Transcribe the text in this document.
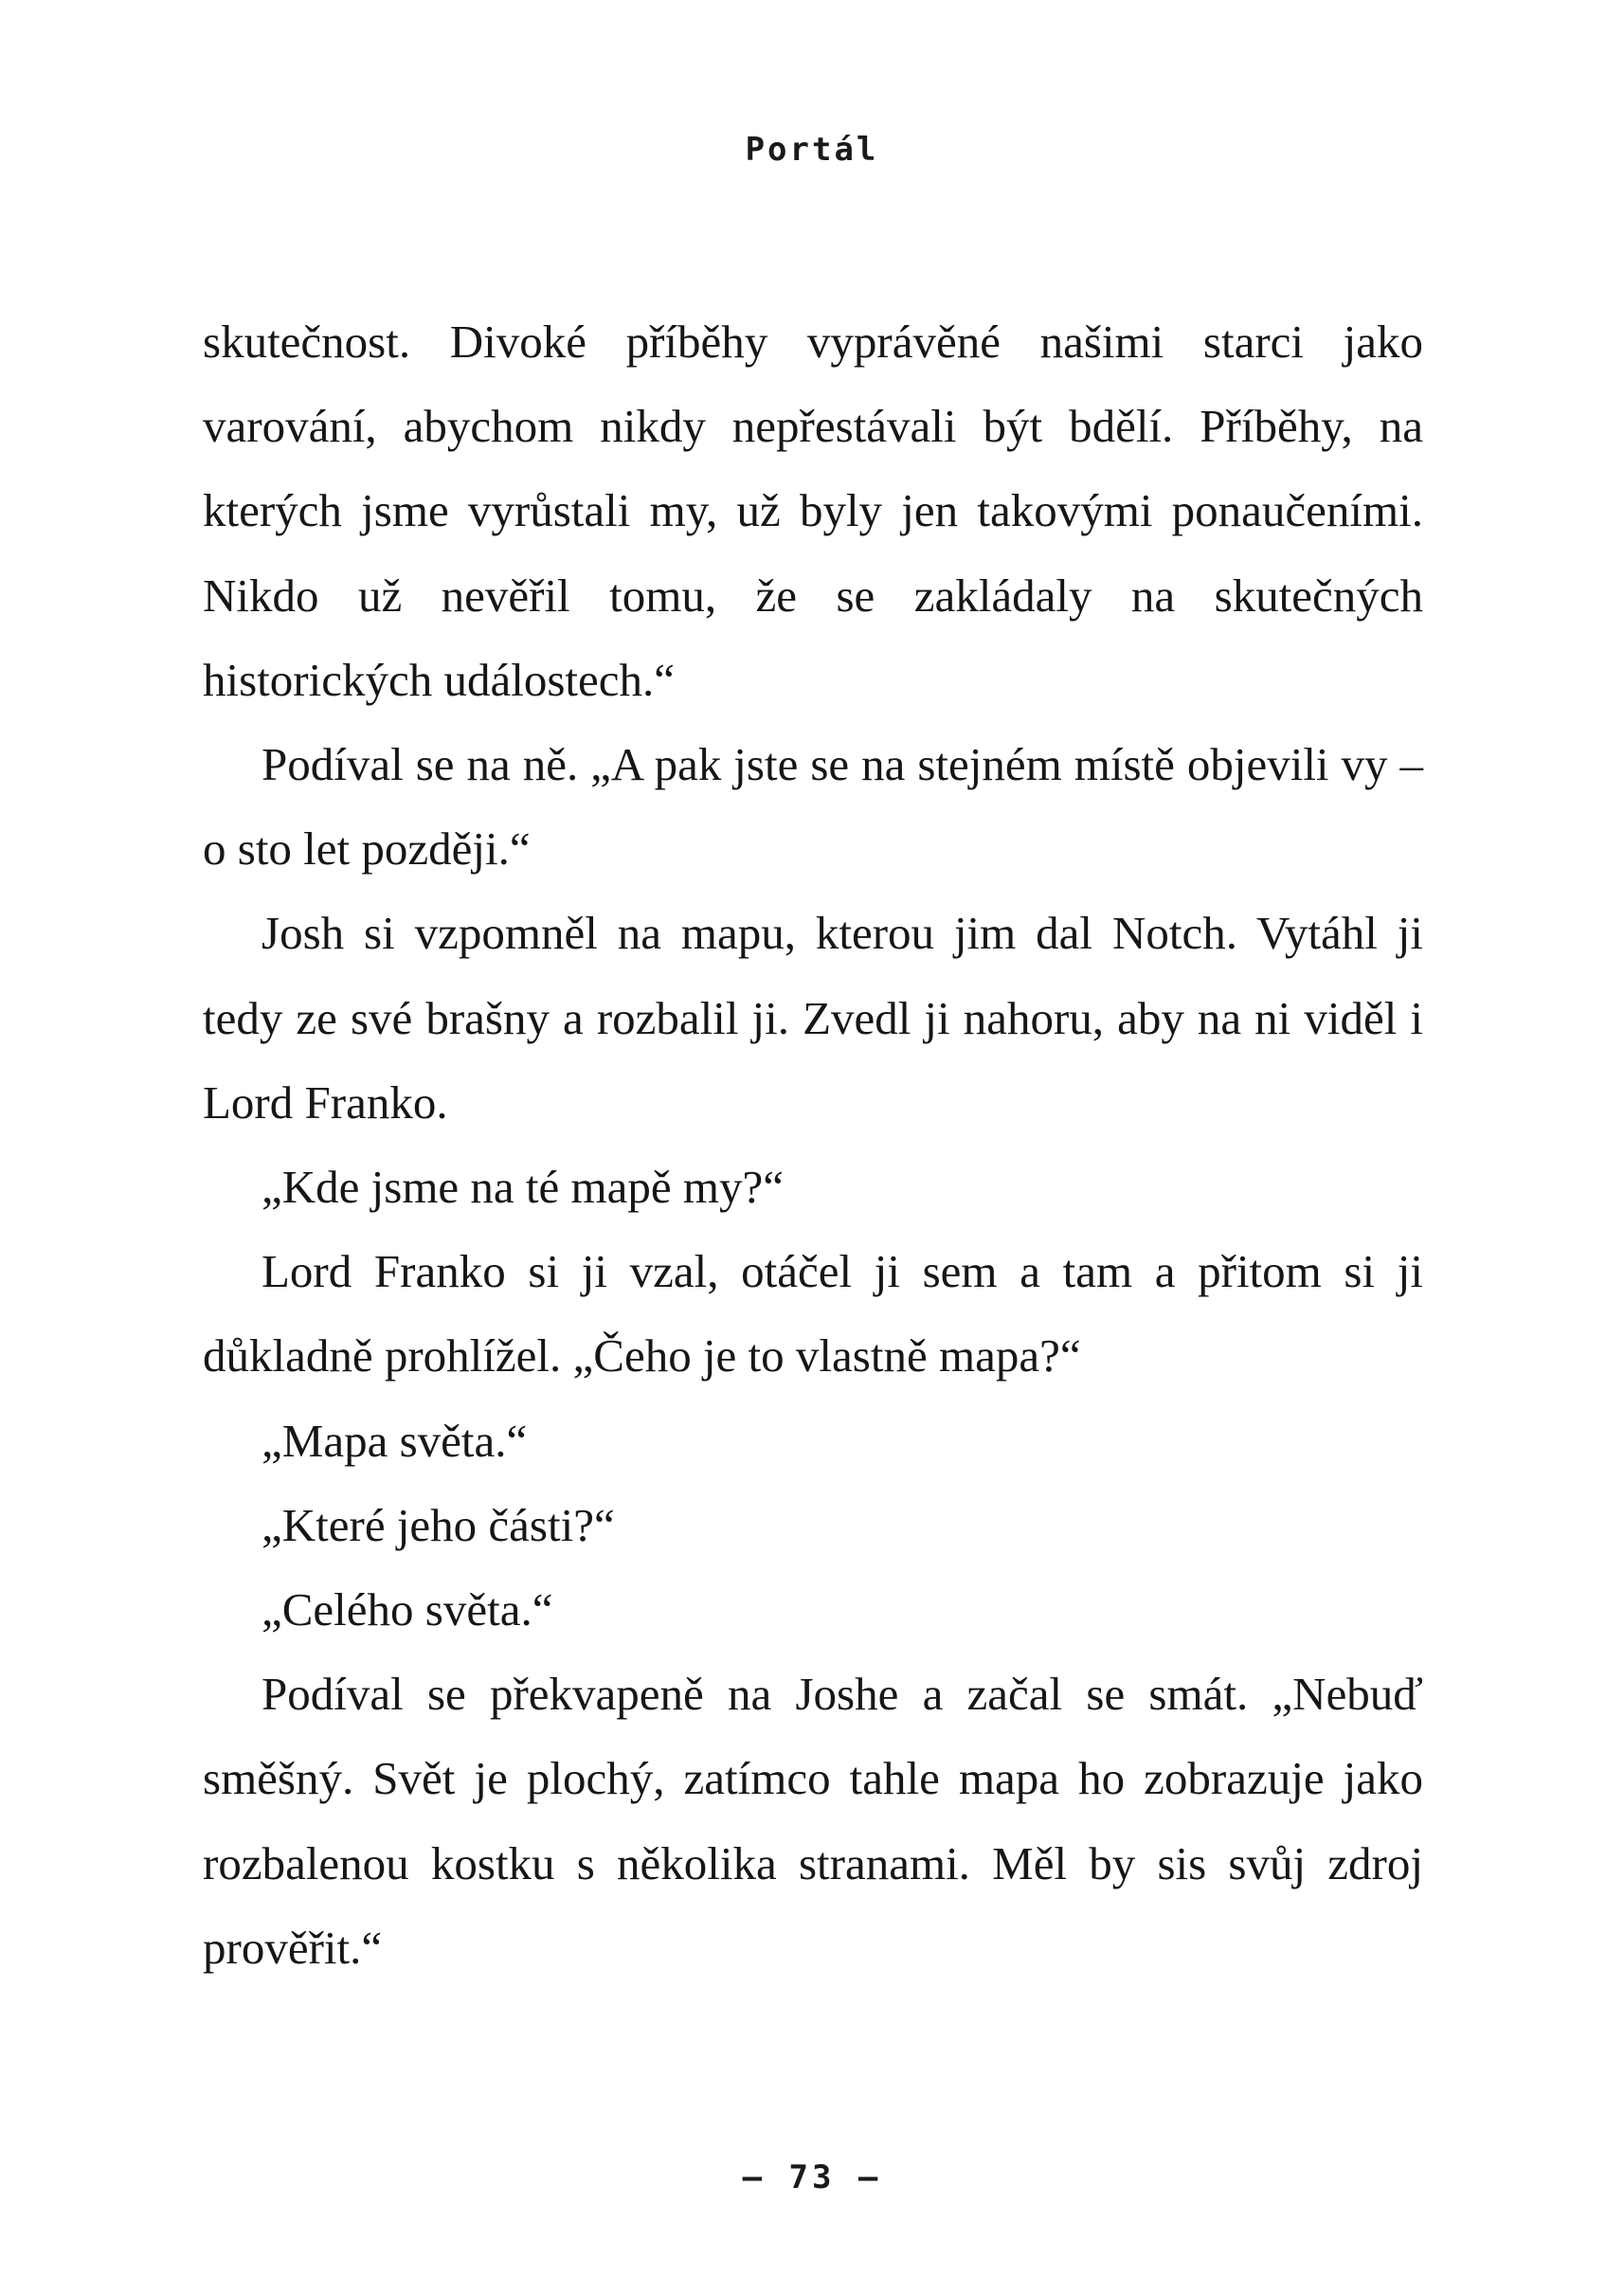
Portál

skutečnost. Divoké příběhy vyprávěné našimi starci jako varování, abychom nikdy nepřestávali být bdělí. Příběhy, na kterých jsme vyrůstali my, už byly jen takovými ponaučeními. Nikdo už nevěřil tomu, že se zakládaly na skutečných historických událostech.“

Podíval se na ně. „A pak jste se na stejném místě objevili vy – o sto let později.“

Josh si vzpomněl na mapu, kterou jim dal Notch. Vytáhl ji tedy ze své brašny a rozbalil ji. Zvedl ji nahoru, aby na ni viděl i Lord Franko.

„Kde jsme na té mapě my?“

Lord Franko si ji vzal, otáčel ji sem a tam a přitom si ji důkladně prohlížel. „Čeho je to vlastně mapa?“

„Mapa světa.“

„Které jeho části?“

„Celého světa.“

Podíval se překvapeně na Joshe a začal se smát. „Nebuď směšný. Svět je plochý, zatímco tahle mapa ho zobrazuje jako rozbalenou kostku s několika stranami. Měl by sis svůj zdroj prověřit.“

– 73 –
